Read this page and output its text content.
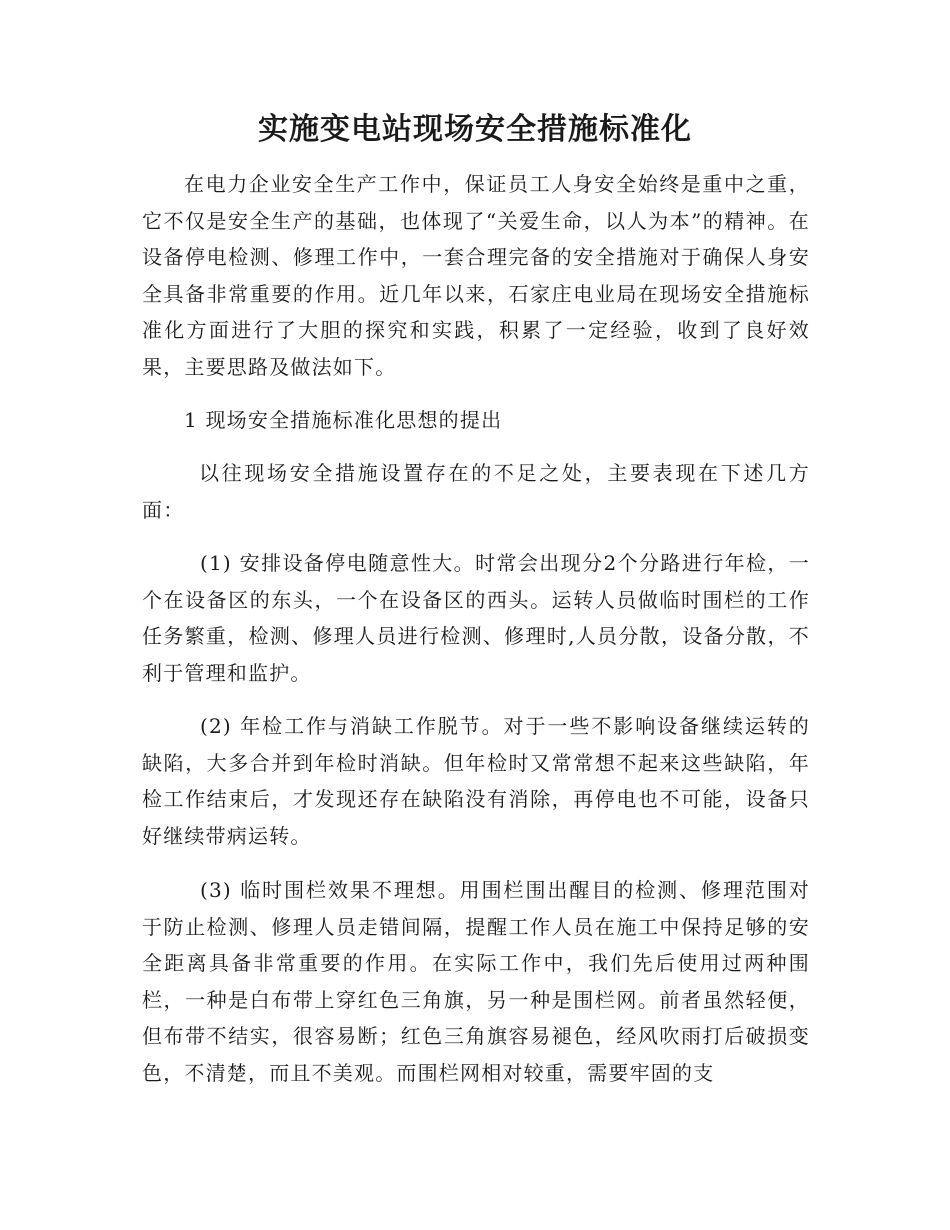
实施变电站现场安全措施标准化

在电力企业安全生产工作中，保证员工人身安全始终是重中之重，它不仅是安全生产的基础，也体现了“关爱生命，以人为本”的精神。在设备停电检测、修理工作中，一套合理完备的安全措施对于确保人身安全具备非常重要的作用。近几年以来，石家庄电业局在现场安全措施标准化方面进行了大胆的探究和实践，积累了一定经验，收到了良好效果，主要思路及做法如下。

1 现场安全措施标准化思想的提出

以往现场安全措施设置存在的不足之处，主要表现在下述几方面：

(1) 安排设备停电随意性大。时常会出现分2个分路进行年检，一个在设备区的东头，一个在设备区的西头。运转人员做临时围栏的工作任务繁重，检测、修理人员进行检测、修理时,人员分散，设备分散，不利于管理和监护。

(2) 年检工作与消缺工作脱节。对于一些不影响设备继续运转的缺陷，大多合并到年检时消缺。但年检时又常常想不起来这些缺陷，年检工作结束后，才发现还存在缺陷没有消除，再停电也不可能，设备只好继续带病运转。

(3) 临时围栏效果不理想。用围栏围出醒目的检测、修理范围对于防止检测、修理人员走错间隔，提醒工作人员在施工中保持足够的安全距离具备非常重要的作用。在实际工作中，我们先后使用过两种围栏，一种是白布带上穿红色三角旗，另一种是围栏网。前者虽然轻便，但布带不结实，很容易断；红色三角旗容易褪色，经风吹雨打后破损变色，不清楚，而且不美观。而围栏网相对较重，需要牢固的支
